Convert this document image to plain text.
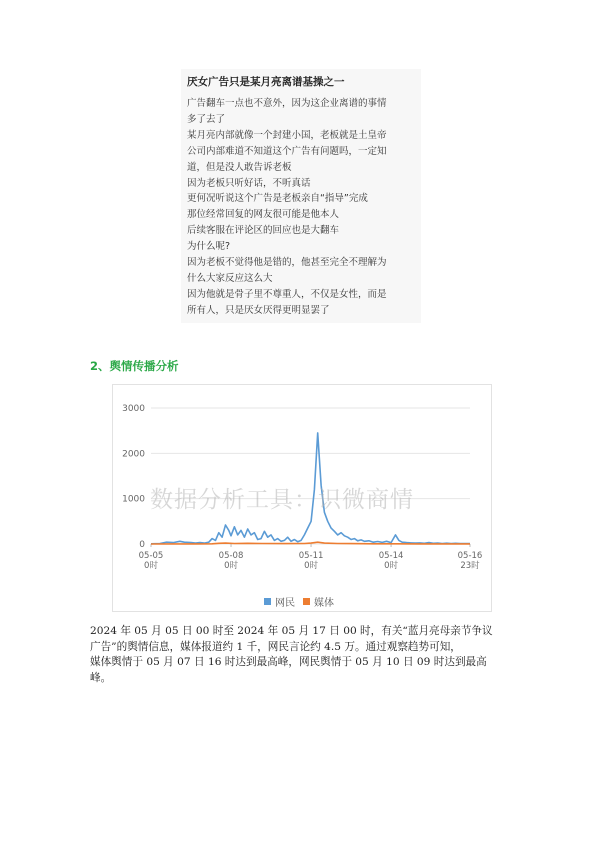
厌女广告只是某月亮离谱基操之一
广告翻车一点也不意外，因为这企业离谱的事情
多了去了
某月亮内部就像一个封建小国，老板就是土皇帝
公司内部难道不知道这个广告有问题吗，一定知
道，但是没人敢告诉老板
因为老板只听好话，不听真话
更何况听说这个广告是老板亲自“指导”完成
那位经常回复的网友很可能是他本人
后续客服在评论区的回应也是大翻车
为什么呢?
因为老板不觉得他是错的，他甚至完全不理解为
什么大家反应这么大
因为他就是骨子里不尊重人，不仅是女性，而是
所有人，只是厌女厌得更明显罢了
2、舆情传播分析
3000
2000
1000
0
05-05
0时
05-08
0时
05-11
0时
05-14
0时
05-16
23时
数据分析工具：识微商情
网民 媒体
2024 年 05 月 05 日 00 时至 2024 年 05 月 17 日 00 时，有关“蓝月亮母亲节争议
广告”的舆情信息，媒体报道约 1 千，网民言论约 4.5 万。通过观察趋势可知，
媒体舆情于 05 月 07 日 16 时达到最高峰，网民舆情于 05 月 10 日 09 时达到最高
峰。
